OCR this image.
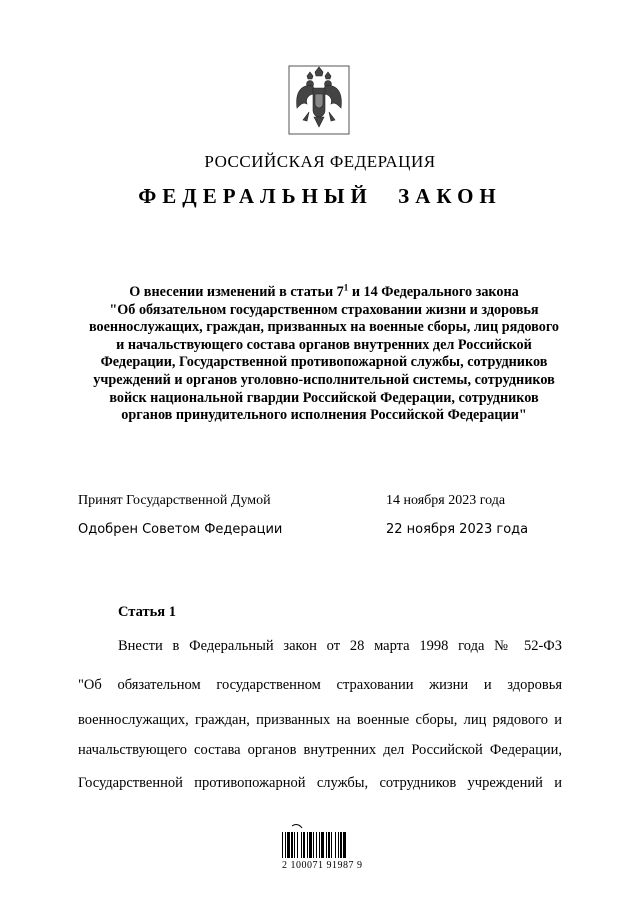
РОССИЙСКАЯ ФЕДЕРАЦИЯ
ФЕДЕРАЛЬНЫЙ ЗАКОН
О внесении изменений в статьи $7^1$ и 14 Федерального закона
"Об обязательном государственном страховании жизни и здоровья военнослужащих, граждан, призванных на военные сборы, лиц рядового и начальствующего состава органов внутренних дел Российской Федерации, Государственной противопожарной службы, сотрудников учреждений и органов уголовно-исполнительной системы, сотрудников войск национальной гвардии Российской Федерации, сотрудников органов принудительного исполнения Российской Федерации"
Принят Государственной Думой	14 ноября 2023 года
Одобрен Советом Федерации	22 ноября 2023 года
Статья 1
Внести в Федеральный закон от 28 марта 1998 года № 52-ФЗ
"Об обязательном государственном страховании жизни и здоровья
военнослужащих, граждан, призванных на военные сборы, лиц рядового и
начальствующего состава органов внутренних дел Российской Федерации,
Государственной противопожарной службы, сотрудников учреждений и
2 100071 91987 9
